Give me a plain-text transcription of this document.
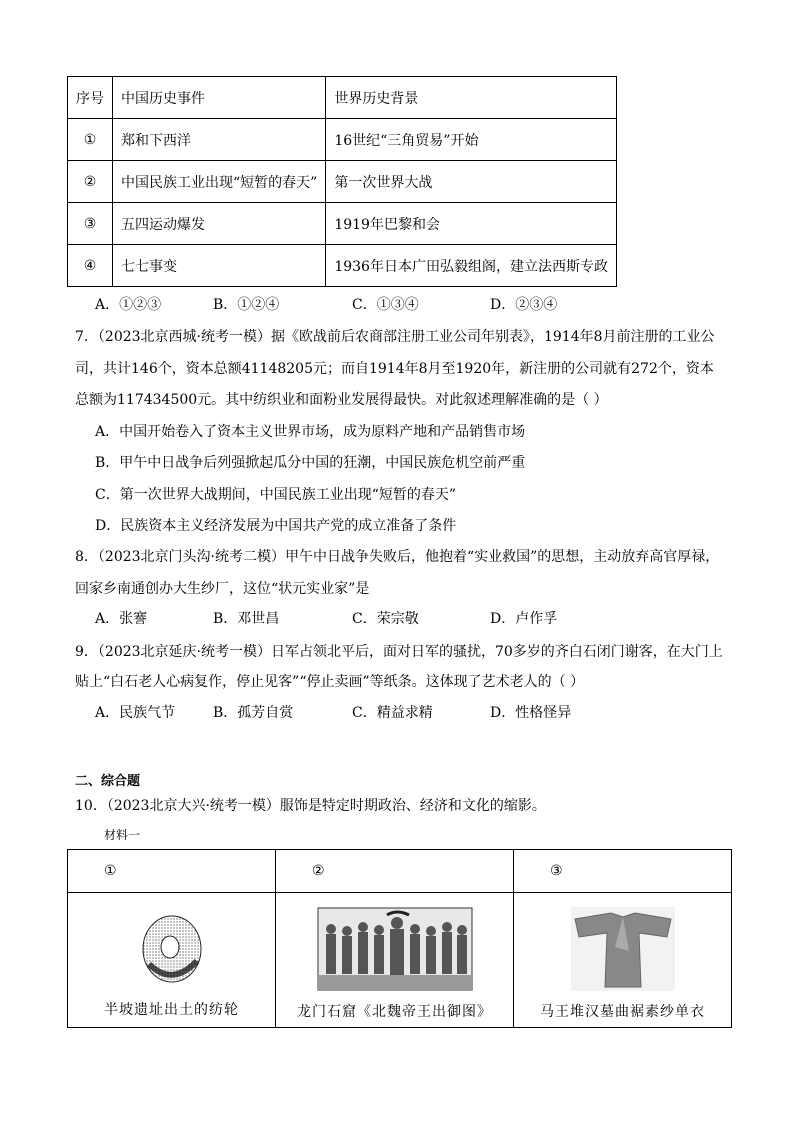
序号	中国历史事件	世界历史背景
①	郑和下西洋	16世纪“三角贸易”开始
②	中国民族工业出现“短暂的春天”	第一次世界大战
③	五四运动爆发	1919年巴黎和会
④	七七事变	1936年日本广田弘毅组阁，建立法西斯专政
A．①②③	B．①②④	C．①③④	D．②③④
7．（2023北京西城·统考一模）据《欧战前后农商部注册工业公司年别表》，1914年8月前注册的工业公
司，共计146个，资本总额41148205元；而自1914年8月至1920年，新注册的公司就有272个，资本
总额为117434500元。其中纺织业和面粉业发展得最快。对此叙述理解准确的是（ ）
A．中国开始卷入了资本主义世界市场，成为原料产地和产品销售市场
B．甲午中日战争后列强掀起瓜分中国的狂潮，中国民族危机空前严重
C．第一次世界大战期间，中国民族工业出现“短暂的春天”
D．民族资本主义经济发展为中国共产党的成立准备了条件
8．（2023北京门头沟·统考二模）甲午中日战争失败后，他抱着“实业救国”的思想，主动放弃高官厚禄，
回家乡南通创办大生纱厂，这位“状元实业家”是
A．张謇	B．邓世昌	C．荣宗敬	D．卢作孚
9．（2023北京延庆·统考一模）日军占领北平后，面对日军的骚扰，70多岁的齐白石闭门谢客，在大门上
贴上“白石老人心病复作，停止见客”“停止卖画”等纸条。这体现了艺术老人的（ ）
A．民族气节	B．孤芳自赏	C．精益求精	D．性格怪异
二、综合题
10．（2023北京大兴·统考一模）服饰是特定时期政治、经济和文化的缩影。
材料一
①	②	③

半坡遗址出土的纺轮	龙门石窟《北魏帝王出御图》	马王堆汉墓曲裾素纱单衣
